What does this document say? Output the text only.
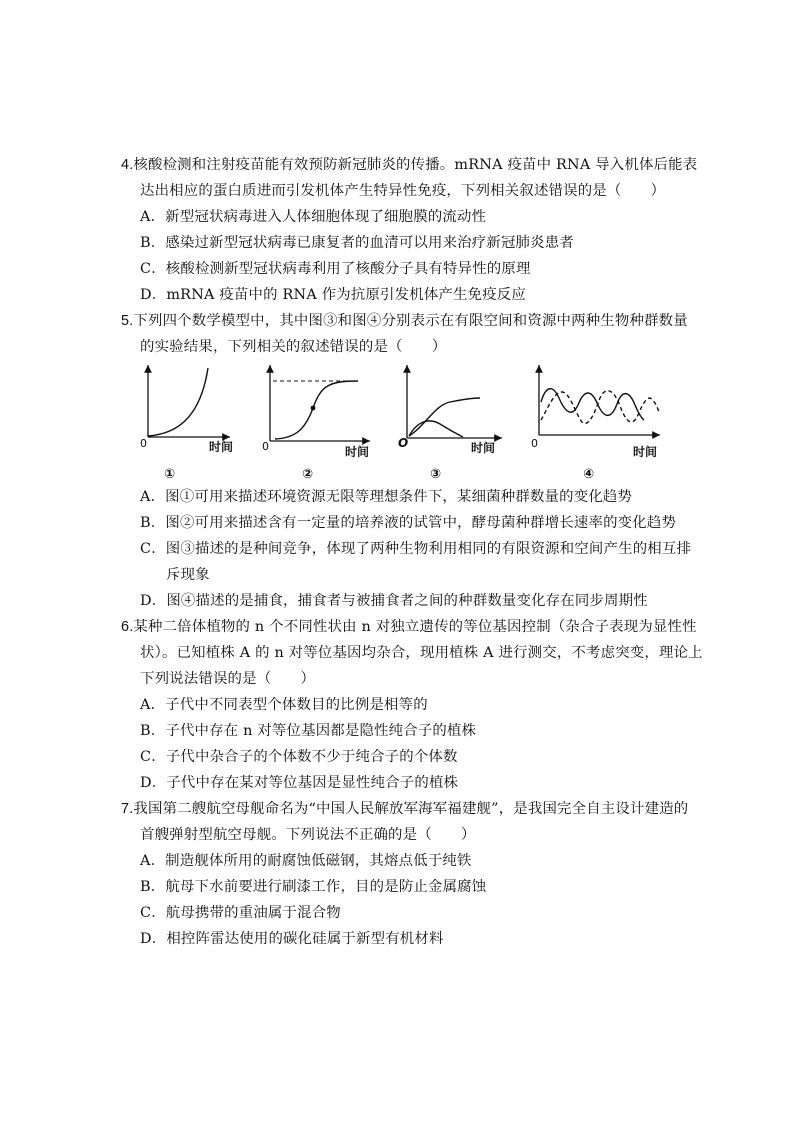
4.核酸检测和注射疫苗能有效预防新冠肺炎的传播。mRNA 疫苗中 RNA 导入机体后能表
达出相应的蛋白质进而引发机体产生特异性免疫，下列相关叙述错误的是（　　）
A．新型冠状病毒进入人体细胞体现了细胞膜的流动性
B．感染过新型冠状病毒已康复者的血清可以用来治疗新冠肺炎患者
C．核酸检测新型冠状病毒利用了核酸分子具有特异性的原理
D．mRNA 疫苗中的 RNA 作为抗原引发机体产生免疫反应
5.下列四个数学模型中，其中图③和图④分别表示在有限空间和资源中两种生物种群数量
的实验结果，下列相关的叙述错误的是（　　）
0	时间
①
0	时间
②
O	时间
③
0
时间
④
A．图①可用来描述环境资源无限等理想条件下，某细菌种群数量的变化趋势
B．图②可用来描述含有一定量的培养液的试管中，酵母菌种群增长速率的变化趋势
C．图③描述的是种间竞争，体现了两种生物利用相同的有限资源和空间产生的相互排
斥现象
D．图④描述的是捕食，捕食者与被捕食者之间的种群数量变化存在同步周期性
6.某种二倍体植物的 n 个不同性状由 n 对独立遗传的等位基因控制（杂合子表现为显性性
状）。已知植株 A 的 n 对等位基因均杂合，现用植株 A 进行测交，不考虑突变，理论上
下列说法错误的是（　　）
A．子代中不同表型个体数目的比例是相等的
B．子代中存在 n 对等位基因都是隐性纯合子的植株
C．子代中杂合子的个体数不少于纯合子的个体数
D．子代中存在某对等位基因是显性纯合子的植株
7.我国第二艘航空母舰命名为“中国人民解放军海军福建舰”，是我国完全自主设计建造的
首艘弹射型航空母舰。下列说法不正确的是（　　）
A．制造舰体所用的耐腐蚀低磁钢，其熔点低于纯铁
B．航母下水前要进行刷漆工作，目的是防止金属腐蚀
C．航母携带的重油属于混合物
D．相控阵雷达使用的碳化硅属于新型有机材料
